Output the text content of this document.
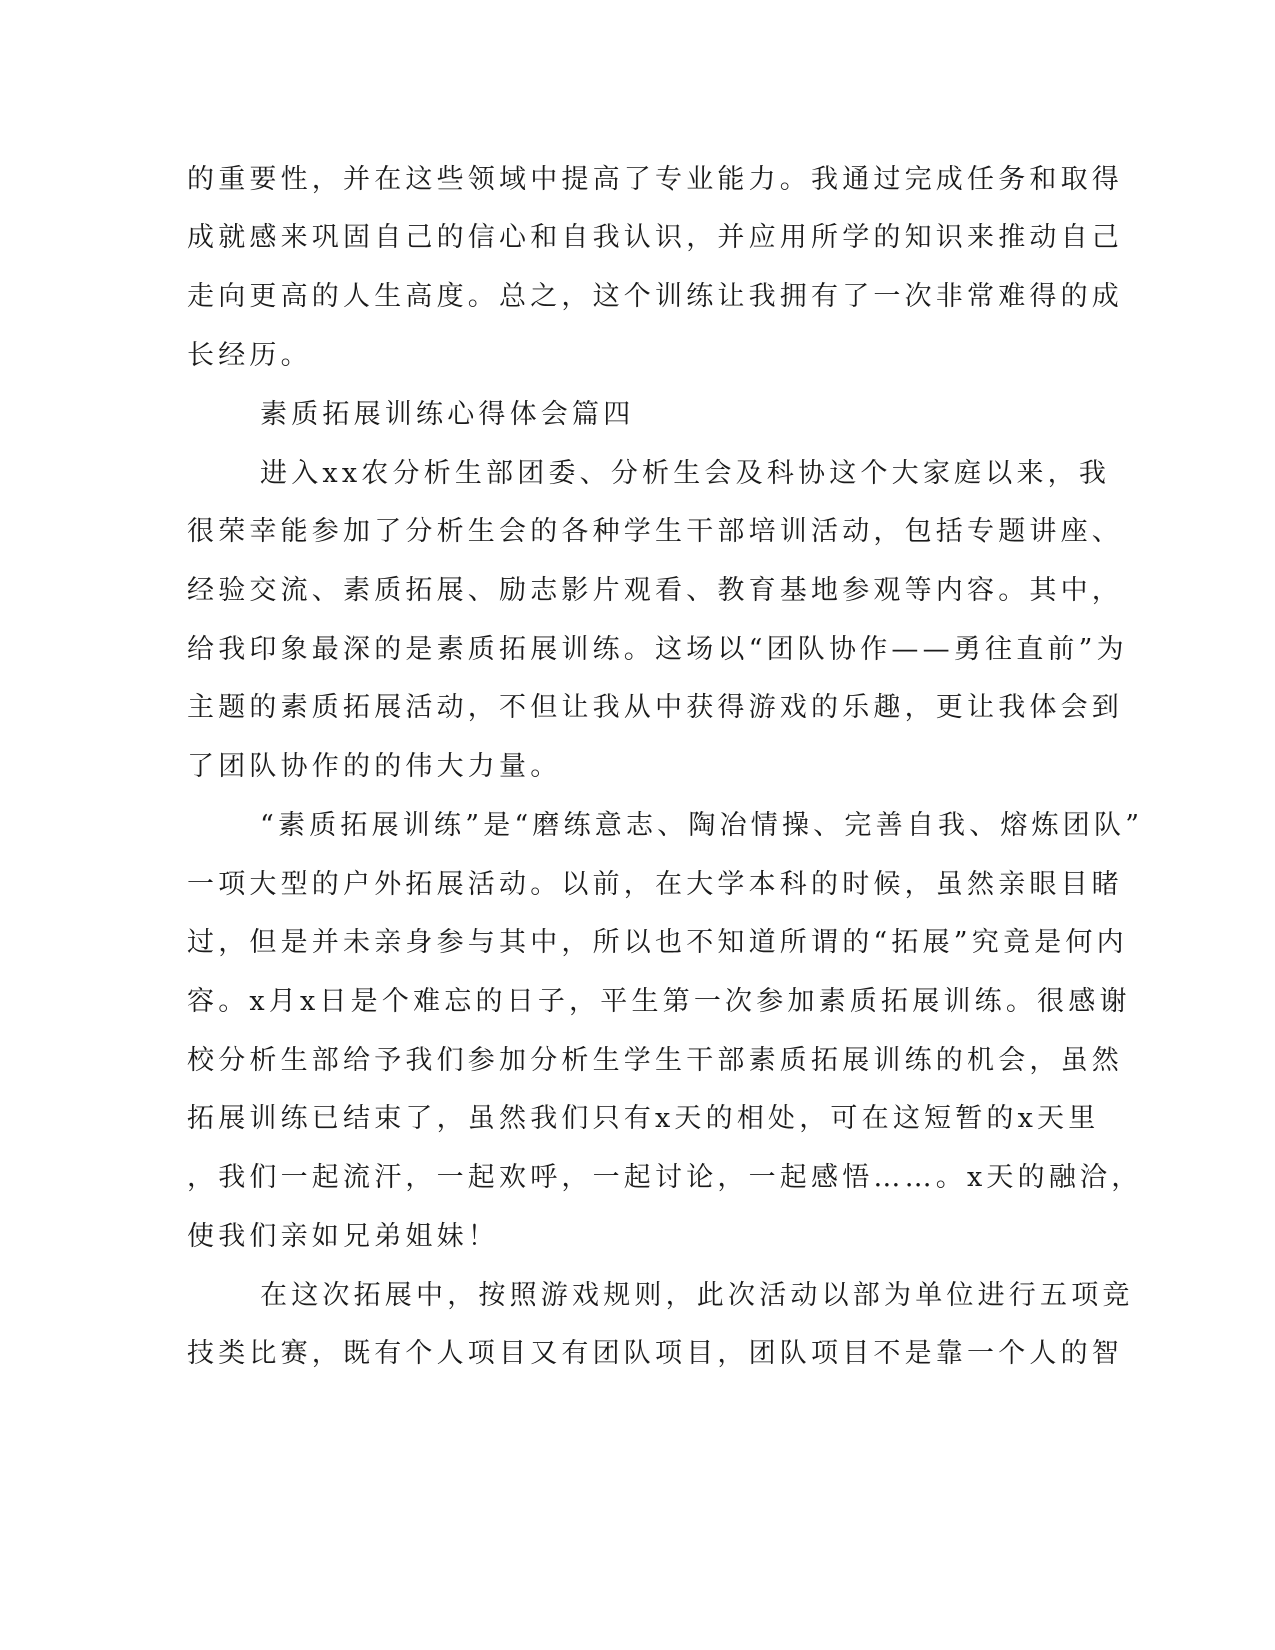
的重要性，并在这些领域中提高了专业能力。我通过完成任务和取得
成就感来巩固自己的信心和自我认识，并应用所学的知识来推动自己
走向更高的人生高度。总之，这个训练让我拥有了一次非常难得的成
长经历。
素质拓展训练心得体会篇四
进入xx农分析生部团委、分析生会及科协这个大家庭以来，我
很荣幸能参加了分析生会的各种学生干部培训活动，包括专题讲座、
经验交流、素质拓展、励志影片观看、教育基地参观等内容。其中，
给我印象最深的是素质拓展训练。这场以“团队协作——勇往直前”为
主题的素质拓展活动，不但让我从中获得游戏的乐趣，更让我体会到
了团队协作的的伟大力量。
“素质拓展训练”是“磨练意志、陶冶情操、完善自我、熔炼团队”
一项大型的户外拓展活动。以前，在大学本科的时候，虽然亲眼目睹
过，但是并未亲身参与其中，所以也不知道所谓的“拓展”究竟是何内
容。x月x日是个难忘的日子，平生第一次参加素质拓展训练。很感谢
校分析生部给予我们参加分析生学生干部素质拓展训练的机会，虽然
拓展训练已结束了，虽然我们只有x天的相处，可在这短暂的x天里
，我们一起流汗，一起欢呼，一起讨论，一起感悟……。x天的融洽，
使我们亲如兄弟姐妹！
在这次拓展中，按照游戏规则，此次活动以部为单位进行五项竞
技类比赛，既有个人项目又有团队项目，团队项目不是靠一个人的智
